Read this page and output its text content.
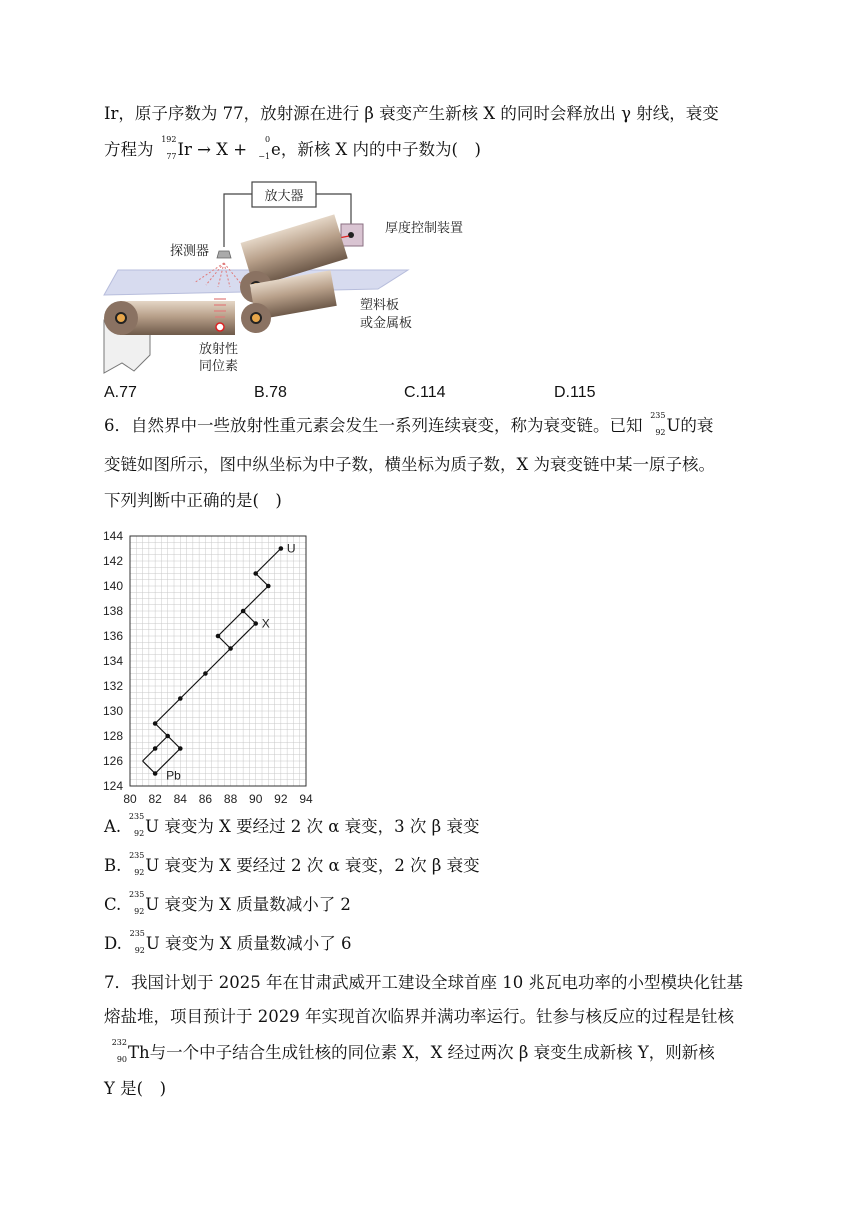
Ir，原子序数为 77，放射源在进行 β 衰变产生新核 X 的同时会释放出 γ 射线，衰变
方程为
192
77 Ir → X +
0
−1 e，新核 X 内的中子数为(　)
放大器
厚度控制装置
探测器
放射性
同位素
塑料板
或金属板
A.77	B.78	C.114	D.115
6．自然界中一些放射性重元素会发生一系列连续衰变，称为衰变链。已知
235
92 U的衰
变链如图所示，图中纵坐标为中子数，横坐标为质子数，X 为衰变链中某一原子核。
下列判断中正确的是(　)
80 82 84 86 88 90 92 94
124
126
128
130
132
134
136
138
140
142
144
U
X
Pb
A.
235
92 U 衰变为 X 要经过 2 次 α 衰变，3 次 β 衰变
B.
235
92 U 衰变为 X 要经过 2 次 α 衰变，2 次 β 衰变
C.
235
92 U 衰变为 X 质量数减小了 2
D.
235
92 U 衰变为 X 质量数减小了 6
7．我国计划于 2025 年在甘肃武威开工建设全球首座 10 兆瓦电功率的小型模块化钍基
熔盐堆，项目预计于 2029 年实现首次临界并满功率运行。钍参与核反应的过程是钍核
232
90 Th与一个中子结合生成钍核的同位素 X，X 经过两次 β 衰变生成新核 Y，则新核
Y 是(　)
